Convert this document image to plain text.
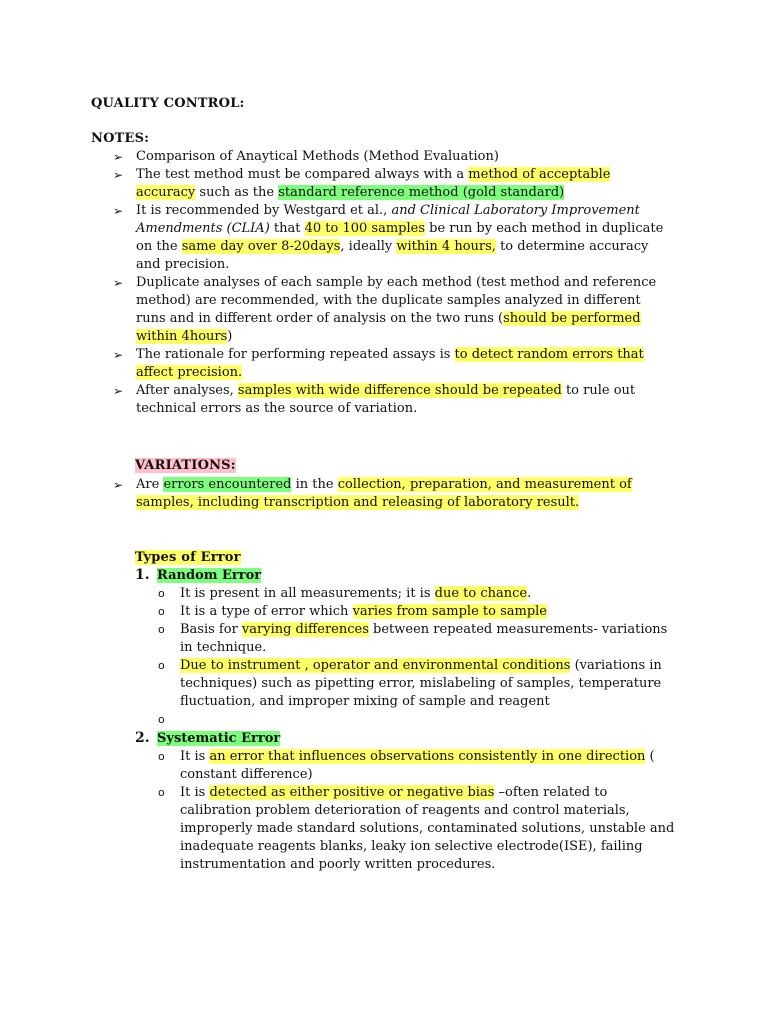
QUALITY CONTROL:
NOTES:
➢ Comparison of Anaytical Methods (Method Evaluation)
➢ The test method must be compared always with a method of acceptable accuracy such as the standard reference method (gold standard)
➢ It is recommended by Westgard et al., and Clinical Laboratory Improvement Amendments (CLIA) that 40 to 100 samples be run by each method in duplicate on the same day over 8-20days, ideally within 4 hours, to determine accuracy and precision.
➢ Duplicate analyses of each sample by each method (test method and reference method) are recommended, with the duplicate samples analyzed in different runs and in different order of analysis on the two runs (should be performed within 4hours)
➢ The rationale for performing repeated assays is to detect random errors that affect precision.
➢ After analyses, samples with wide difference should be repeated to rule out technical errors as the source of variation.
VARIATIONS:
➢ Are errors encountered in the collection, preparation, and measurement of samples, including transcription and releasing of laboratory result.
Types of Error
1. Random Error
o It is present in all measurements; it is due to chance.
o It is a type of error which varies from sample to sample
o Basis for varying differences between repeated measurements- variations in technique.
o Due to instrument , operator and environmental conditions (variations in techniques) such as pipetting error, mislabeling of samples, temperature fluctuation, and improper mixing of sample and reagent
o
2. Systematic Error
o It is an error that influences observations consistently in one direction ( constant difference)
o It is detected as either positive or negative bias –often related to calibration problem deterioration of reagents and control materials, improperly made standard solutions, contaminated solutions, unstable and inadequate reagents blanks, leaky ion selective electrode(ISE), failing instrumentation and poorly written procedures.
